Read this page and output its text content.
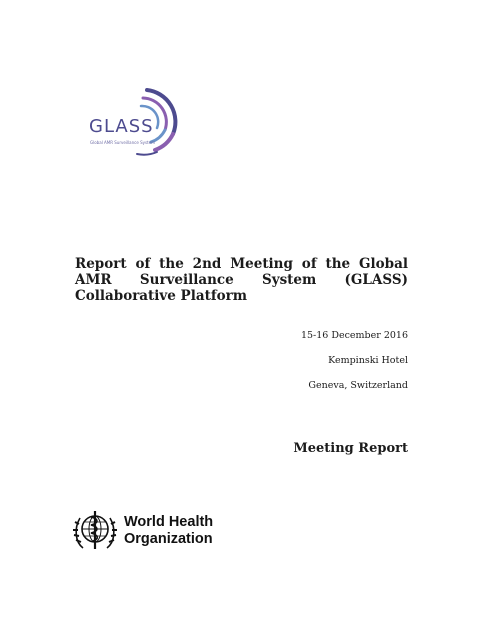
GLASS

Global AMR Surveillance System

Report of the 2nd Meeting of the Global AMR Surveillance System (GLASS) Collaborative Platform

15-16 December 2016

Kempinski Hotel

Geneva, Switzerland

Meeting Report

World Health
Organization
